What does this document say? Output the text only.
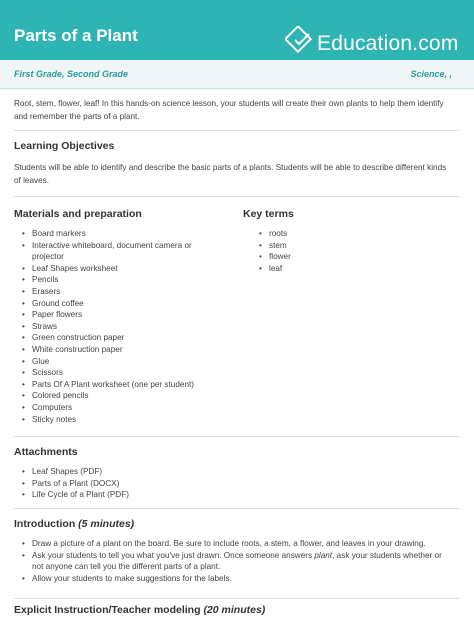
Parts of a Plant	Education.com
First Grade, Second Grade	Science, ,
Root, stem, flower, leaf! In this hands-on science lesson, your students will create their own plants to help them identify and remember the parts of a plant.
Learning Objectives
Students will be able to identify and describe the basic parts of a plants. Students will be able to describe different kinds of leaves.
Materials and preparation
• Board markers
• Interactive whiteboard, document camera or projector
• Leaf Shapes worksheet
• Pencils
• Erasers
• Ground coffee
• Paper flowers
• Straws
• Green construction paper
• White construction paper
• Glue
• Scissors
• Parts Of A Plant worksheet (one per student)
• Colored pencils
• Computers
• Sticky notes
Key terms
• roots
• stem
• flower
• leaf
Attachments
• Leaf Shapes (PDF)
• Parts of a Plant (DOCX)
• Life Cycle of a Plant (PDF)
Introduction (5 minutes)
• Draw a picture of a plant on the board. Be sure to include roots, a stem, a flower, and leaves in your drawing.
• Ask your students to tell you what you've just drawn. Once someone answers plant, ask your students whether or not anyone can tell you the different parts of a plant.
• Allow your students to make suggestions for the labels.
Explicit Instruction/Teacher modeling (20 minutes)
